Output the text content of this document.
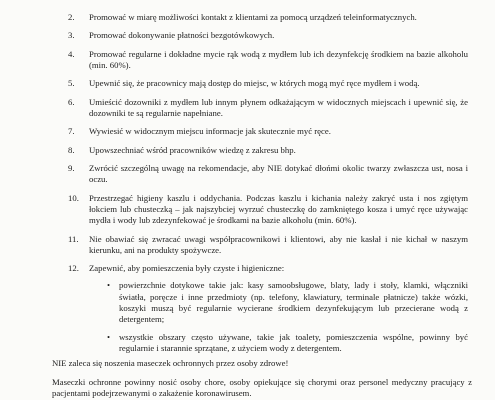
2.	Promować w miarę możliwości kontakt z klientami za pomocą urządzeń teleinformatycznych.
3.	Promować dokonywanie płatności bezgotówkowych.
4.	Promować regularne i dokładne mycie rąk wodą z mydłem lub ich dezynfekcję środkiem na bazie alkoholu (min. 60%).
5.	Upewnić się, że pracownicy mają dostęp do miejsc, w których mogą myć ręce mydłem i wodą.
6.	Umieścić dozowniki z mydłem lub innym płynem odkażającym w widocznych miejscach i upewnić się, że dozowniki te są regularnie napełniane.
7.	Wywiesić w widocznym miejscu informacje jak skutecznie myć ręce.
8.	Upowszechniać wśród pracowników wiedzę z zakresu bhp.
9.	Zwrócić szczególną uwagę na rekomendacje, aby NIE dotykać dłońmi okolic twarzy zwłaszcza ust, nosa i oczu.
10.	Przestrzegać higieny kaszlu i oddychania. Podczas kaszlu i kichania należy zakryć usta i nos zgiętym łokciem lub chusteczką – jak najszybciej wyrzuć chusteczkę do zamkniętego kosza i umyć ręce używając mydła i wody lub zdezynfekować je środkami na bazie alkoholu (min. 60%).
11.	Nie obawiać się zwracać uwagi współpracownikowi i klientowi, aby nie kasłał i nie kichał w naszym kierunku, ani na produkty spożywcze.
12.	Zapewnić, aby pomieszczenia były czyste i higieniczne:
•	powierzchnie dotykowe takie jak: kasy samoobsługowe, blaty, lady i stoły, klamki, włączniki światła, poręcze i inne przedmioty (np. telefony, klawiatury, terminale płatnicze) także wózki, koszyki muszą być regularnie wycierane środkiem dezynfekującym lub przecierane wodą z detergentem;
•	wszystkie obszary często używane, takie jak toalety, pomieszczenia wspólne, powinny być regularnie i starannie sprzątane, z użyciem wody z detergentem.
NIE zaleca się noszenia maseczek ochronnych przez osoby zdrowe!
Maseczki ochronne powinny nosić osoby chore, osoby opiekujące się chorymi oraz personel medyczny pracujący z pacjentami podejrzewanymi o zakażenie koronawirusem.
